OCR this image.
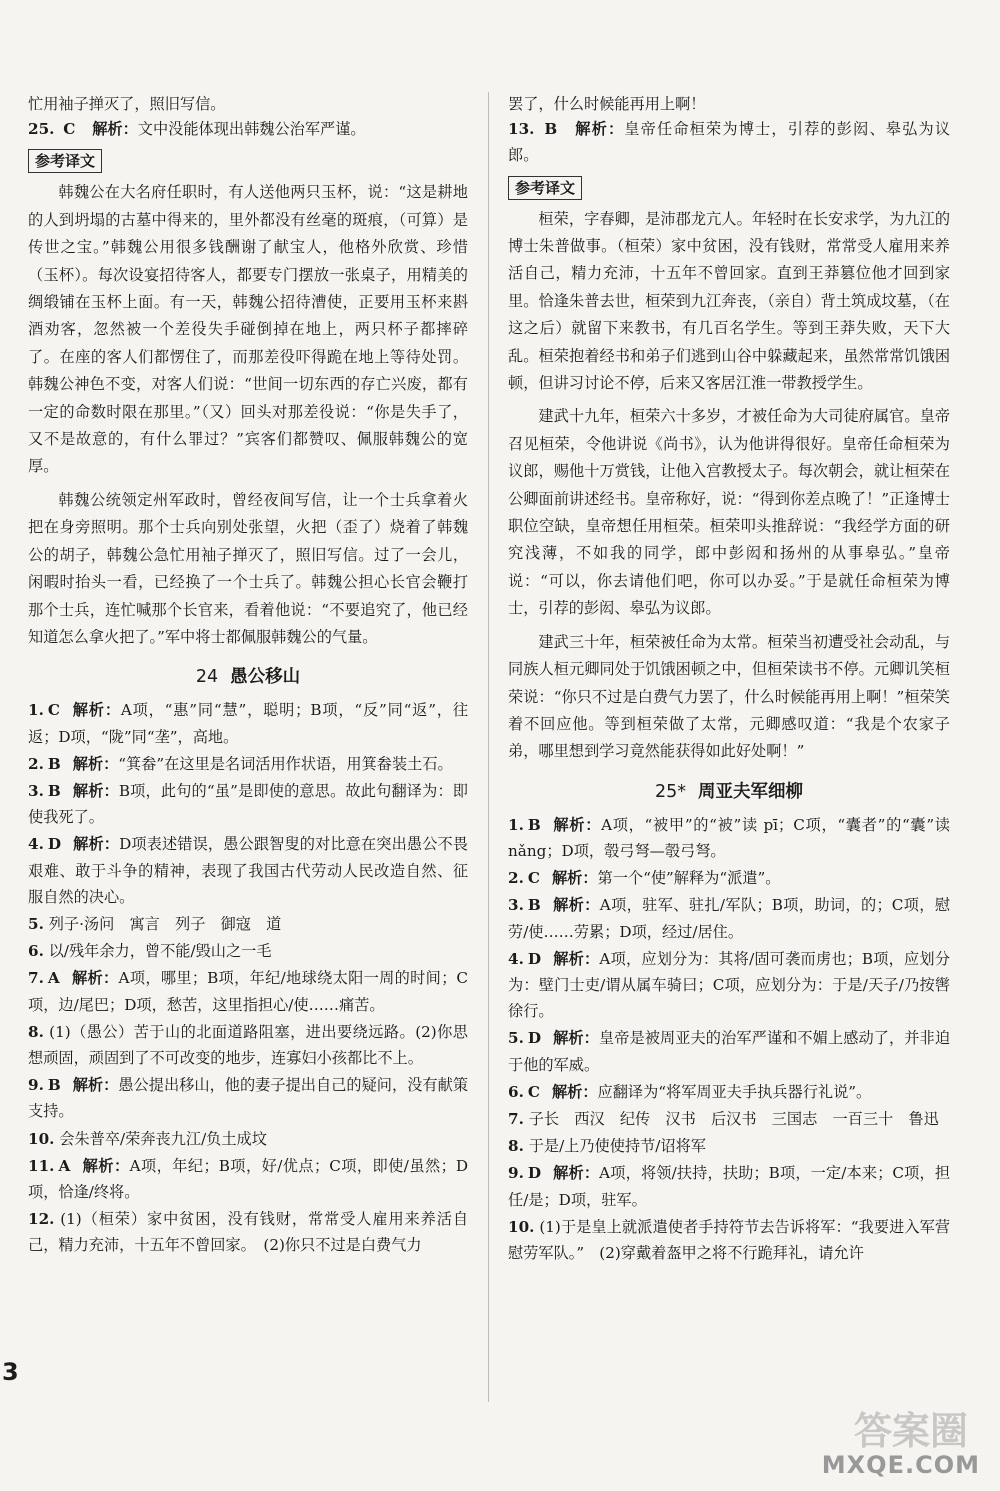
忙用袖子掸灭了，照旧写信。

25. C 解析：文中没能体现出韩魏公治军严谨。

参考译文

韩魏公在大名府任职时，有人送他两只玉杯，说：“这是耕地的人到坍塌的古墓中得来的，里外都没有丝毫的斑痕，（可算）是传世之宝。”韩魏公用很多钱酬谢了献宝人，他格外欣赏、珍惜（玉杯）。每次设宴招待客人，都要专门摆放一张桌子，用精美的绸缎铺在玉杯上面。有一天，韩魏公招待漕使，正要用玉杯来斟酒劝客，忽然被一个差役失手碰倒掉在地上，两只杯子都摔碎了。在座的客人们都愣住了，而那差役吓得跪在地上等待处罚。韩魏公神色不变，对客人们说：“世间一切东西的存亡兴废，都有一定的命数时限在那里。”（又）回头对那差役说：“你是失手了，又不是故意的，有什么罪过？”宾客们都赞叹、佩服韩魏公的宽厚。

韩魏公统领定州军政时，曾经夜间写信，让一个士兵拿着火把在身旁照明。那个士兵向别处张望，火把（歪了）烧着了韩魏公的胡子，韩魏公急忙用袖子掸灭了，照旧写信。过了一会儿，闲暇时抬头一看，已经换了一个士兵了。韩魏公担心长官会鞭打那个士兵，连忙喊那个长官来，看着他说：“不要追究了，他已经知道怎么拿火把了。”军中将士都佩服韩魏公的气量。

24 愚公移山

1. C 解析：A项，“惠”同“慧”，聪明；B项，“反”同“返”，往返；D项，“陇”同“垄”，高地。

2. B 解析：“箕畚”在这里是名词活用作状语，用箕畚装土石。

3. B 解析：B项，此句的“虽”是即使的意思。故此句翻译为：即使我死了。

4. D 解析：D项表述错误，愚公跟智叟的对比意在突出愚公不畏艰难、敢于斗争的精神，表现了我国古代劳动人民改造自然、征服自然的决心。

5. 列子·汤问　寓言　列子　御寇　道

6. 以/残年余力，曾不能/毁山之一毛

7. A 解析：A项，哪里；B项，年纪/地球绕太阳一周的时间；C项，边/尾巴；D项，愁苦，这里指担心/使……痛苦。

8. (1)（愚公）苦于山的北面道路阻塞，进出要绕远路。(2)你思想顽固，顽固到了不可改变的地步，连寡妇小孩都比不上。

9. B 解析：愚公提出移山，他的妻子提出自己的疑问，没有献策支持。

10. 会朱普卒/荣奔丧九江/负土成坟

11. A 解析：A项，年纪；B项，好/优点；C项，即使/虽然；D项，恰逢/终将。

12. (1)（桓荣）家中贫困，没有钱财，常常受人雇用来养活自己，精力充沛，十五年不曾回家。　(2)你只不过是白费气力

罢了，什么时候能再用上啊！

13. B 解析：皇帝任命桓荣为博士，引荐的彭闳、皋弘为议郎。

参考译文

桓荣，字春卿，是沛郡龙亢人。年轻时在长安求学，为九江的博士朱普做事。（桓荣）家中贫困，没有钱财，常常受人雇用来养活自己，精力充沛，十五年不曾回家。直到王莽篡位他才回到家里。恰逢朱普去世，桓荣到九江奔丧，（亲自）背土筑成坟墓，（在这之后）就留下来教书，有几百名学生。等到王莽失败，天下大乱。桓荣抱着经书和弟子们逃到山谷中躲藏起来，虽然常常饥饿困顿，但讲习讨论不停，后来又客居江淮一带教授学生。

建武十九年，桓荣六十多岁，才被任命为大司徒府属官。皇帝召见桓荣，令他讲说《尚书》，认为他讲得很好。皇帝任命桓荣为议郎，赐他十万赏钱，让他入宫教授太子。每次朝会，就让桓荣在公卿面前讲述经书。皇帝称好，说：“得到你差点晚了！”正逢博士职位空缺，皇帝想任用桓荣。桓荣叩头推辞说：“我经学方面的研究浅薄，不如我的同学，郎中彭闳和扬州的从事皋弘。”皇帝说：“可以，你去请他们吧，你可以办妥。”于是就任命桓荣为博士，引荐的彭闳、皋弘为议郎。

建武三十年，桓荣被任命为太常。桓荣当初遭受社会动乱，与同族人桓元卿同处于饥饿困顿之中，但桓荣读书不停。元卿讥笑桓荣说：“你只不过是白费气力罢了，什么时候能再用上啊！”桓荣笑着不回应他。等到桓荣做了太常，元卿感叹道：“我是个农家子弟，哪里想到学习竟然能获得如此好处啊！”

25* 周亚夫军细柳

1. B 解析：A项，“被甲”的“被”读 pī；C项，“囊者”的“囊”读 nǎng；D项，彀弓弩—彀弓弩。

2. C 解析：第一个“使”解释为“派遣”。

3. B 解析：A项，驻军、驻扎/军队；B项，助词，的；C项，慰劳/使……劳累；D项，经过/居住。

4. D 解析：A项，应划分为：其将/固可袭而虏也；B项，应划分为：壁门士吏/谓从属车骑曰；C项，应划分为：于是/天子/乃按辔徐行。

5. D 解析：皇帝是被周亚夫的治军严谨和不媚上感动了，并非迫于他的军威。

6. C 解析：应翻译为“将军周亚夫手执兵器行礼说”。

7. 子长　西汉　纪传　汉书　后汉书　三国志　一百三十　鲁迅

8. 于是/上乃使使持节/诏将军

9. D 解析：A项，将领/扶持，扶助；B项，一定/本来；C项，担任/是；D项，驻军。

10. (1)于是皇上就派遣使者手持符节去告诉将军：“我要进入军营慰劳军队。”　(2)穿戴着盔甲之将不行跪拜礼，请允许

3
答案圈
MXQE.COM
